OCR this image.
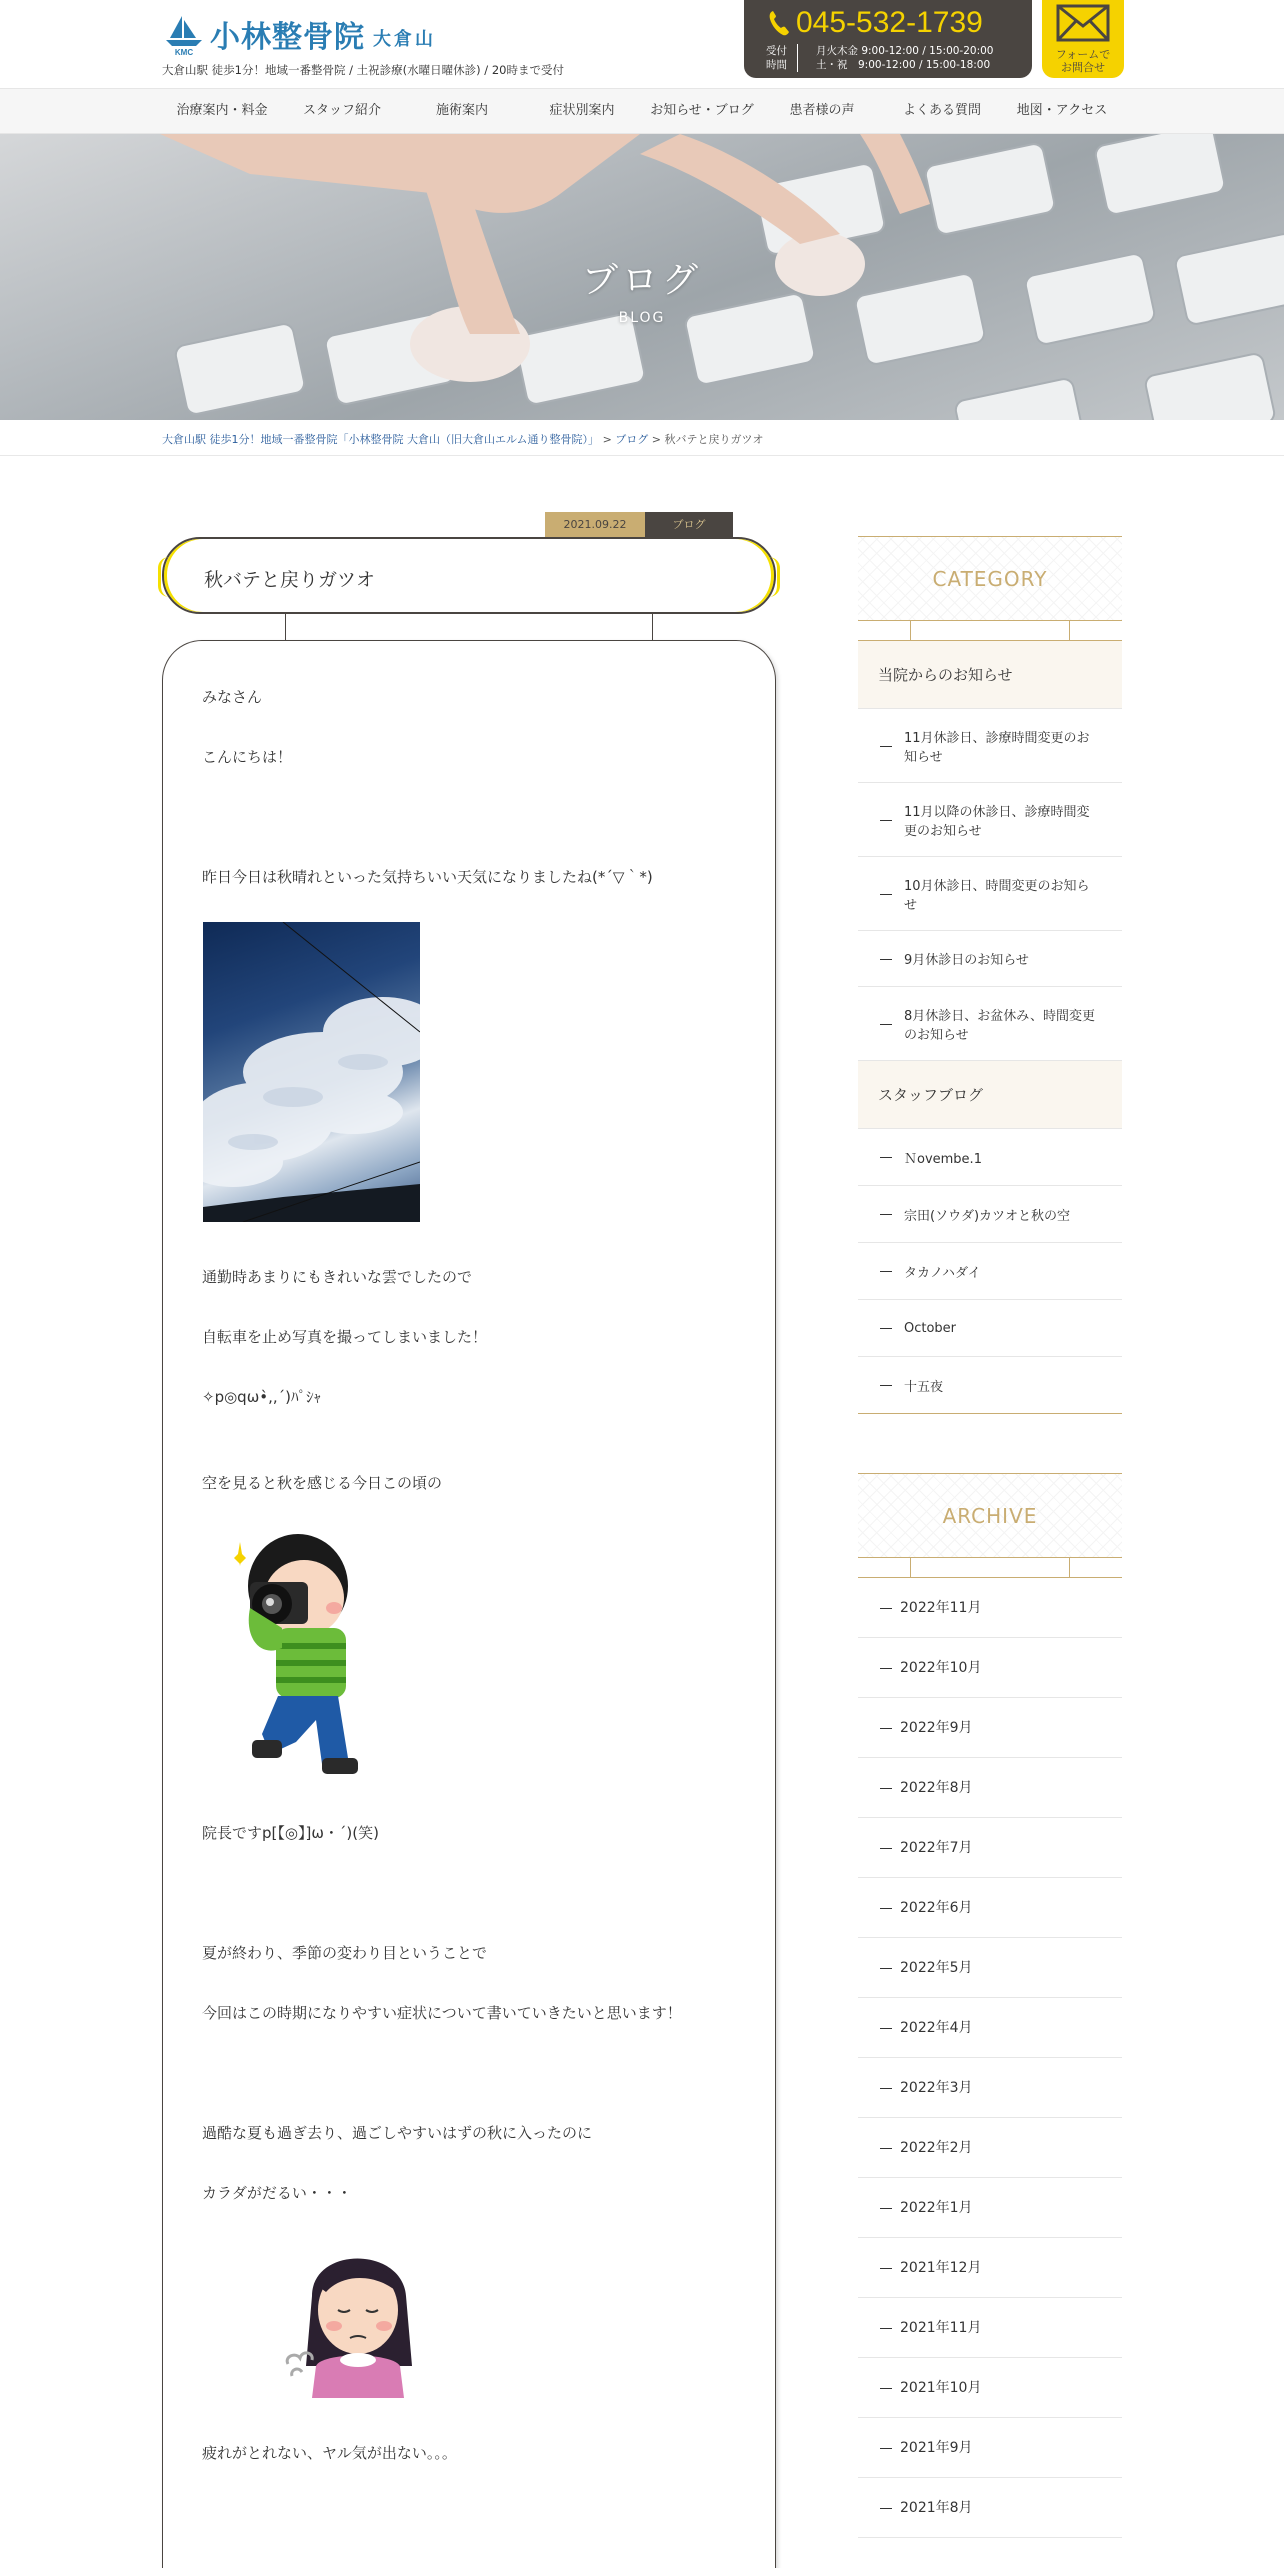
KMC 小林整骨院 大倉山
大倉山駅 徒歩1分！地域一番整骨院 / 土祝診療(水曜日曜休診) / 20時まで受付
045-532-1739
受付
時間
月火木金 9:00-12:00 / 15:00-20:00
土・祝　9:00-12:00 / 15:00-18:00
フォームで
お問合せ
治療案内・料金	スタッフ紹介	施術案内	症状別案内	お知らせ・ブログ	患者様の声	よくある質問	地図・アクセス
ブログ
BLOG
大倉山駅 徒歩1分！地域一番整骨院「小林整骨院 大倉山（旧大倉山エルム通り整骨院）」 > ブログ > 秋バテと戻りガツオ
2021.09.22	ブログ
秋バテと戻りガツオ
みなさん
こんにちは！
昨日今日は秋晴れといった気持ちいい天気になりましたね(*´▽｀*)
通勤時あまりにもきれいな雲でしたので
自転車を止め写真を撮ってしまいました！
✧p◎qω•̀,,´)ﾊﾟｼｬ
空を見ると秋を感じる今日この頃の
院長ですp[【◎】]ω・´)(笑)
夏が終わり、季節の変わり目ということで
今回はこの時期になりやすい症状について書いていきたいと思います！
過酷な夏も過ぎ去り、過ごしやすいはずの秋に入ったのに
カラダがだるい・・・
疲れがとれない、ヤル気が出ない。。。
CATEGORY
当院からのお知らせ
11月休診日、診療時間変更のお知らせ
11月以降の休診日、診療時間変更のお知らせ
10月休診日、時間変更のお知らせ
9月休診日のお知らせ
8月休診日、お盆休み、時間変更のお知らせ
スタッフブログ
Ｎovembe.1
宗田(ソウダ)カツオと秋の空
タカノハダイ
October
十五夜
ARCHIVE
2022年11月
2022年10月
2022年9月
2022年8月
2022年7月
2022年6月
2022年5月
2022年4月
2022年3月
2022年2月
2022年1月
2021年12月
2021年11月
2021年10月
2021年9月
2021年8月
